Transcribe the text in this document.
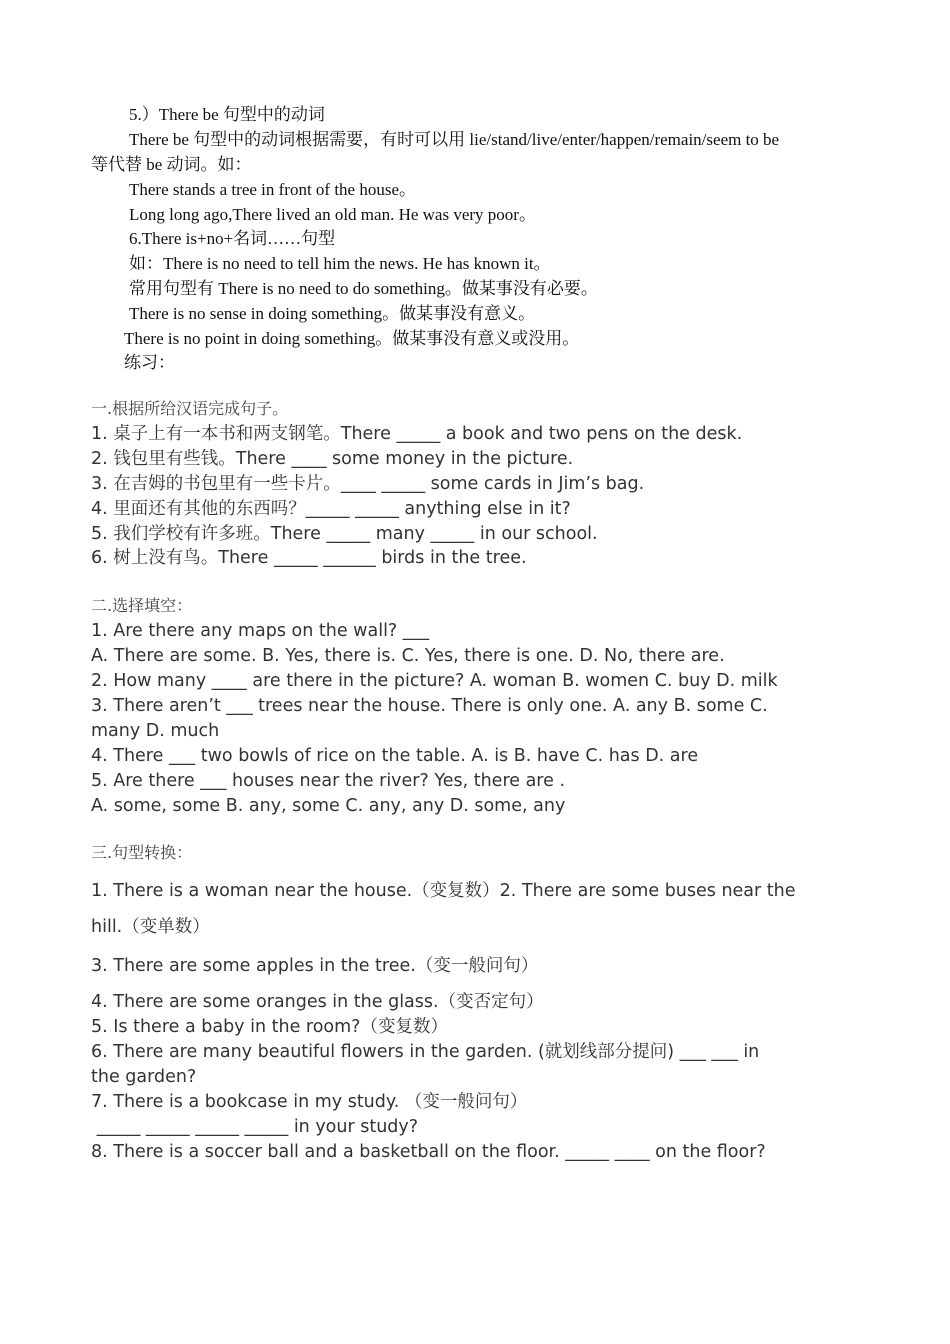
5.）There be 句型中的动词
There be 句型中的动词根据需要，有时可以用 lie/stand/live/enter/happen/remain/seem to be
等代替 be 动词。如：
There stands a tree in front of the house。
Long long ago,There lived an old man. He was very poor。
6.There is+no+名词……句型
如：There is no need to tell him the news. He has known it。
常用句型有 There is no need to do something。做某事没有必要。
There is no sense in doing something。做某事没有意义。
There is no point in doing something。做某事没有意义或没用。
练习：
一.根据所给汉语完成句子。
1. 桌子上有一本书和两支钢笔。There _____ a book and two pens on the desk.
2. 钱包里有些钱。There ____ some money in the picture.
3. 在吉姆的书包里有一些卡片。____ _____ some cards in Jim’s bag.
4. 里面还有其他的东西吗？_____ _____ anything else in it?
5. 我们学校有许多班。There _____ many _____ in our school.
6. 树上没有鸟。There _____ ______ birds in the tree.
二.选择填空：
1. Are there any maps on the wall? ___
A. There are some. B. Yes, there is. C. Yes, there is one. D. No, there are.
2. How many ____ are there in the picture? A. woman B. women C. buy D. milk
3. There aren’t ___ trees near the house. There is only one. A. any B. some C.
many D. much
4. There ___ two bowls of rice on the table. A. is B. have C. has D. are
5. Are there ___ houses near the river? Yes, there are .
A. some, some B. any, some C. any, any D. some, any
三.句型转换：
1. There is a woman near the house.（变复数）2. There are some buses near the
hill.（变单数）
3. There are some apples in the tree.（变一般问句）
4. There are some oranges in the glass.（变否定句）
5. Is there a baby in the room?（变复数）
6. There are many beautiful flowers in the garden. (就划线部分提问) ___ ___ in
the garden?
7. There is a bookcase in my study. （变一般问句）
_____ _____ _____ _____ in your study?
8. There is a soccer ball and a basketball on the floor. _____ ____ on the floor?
